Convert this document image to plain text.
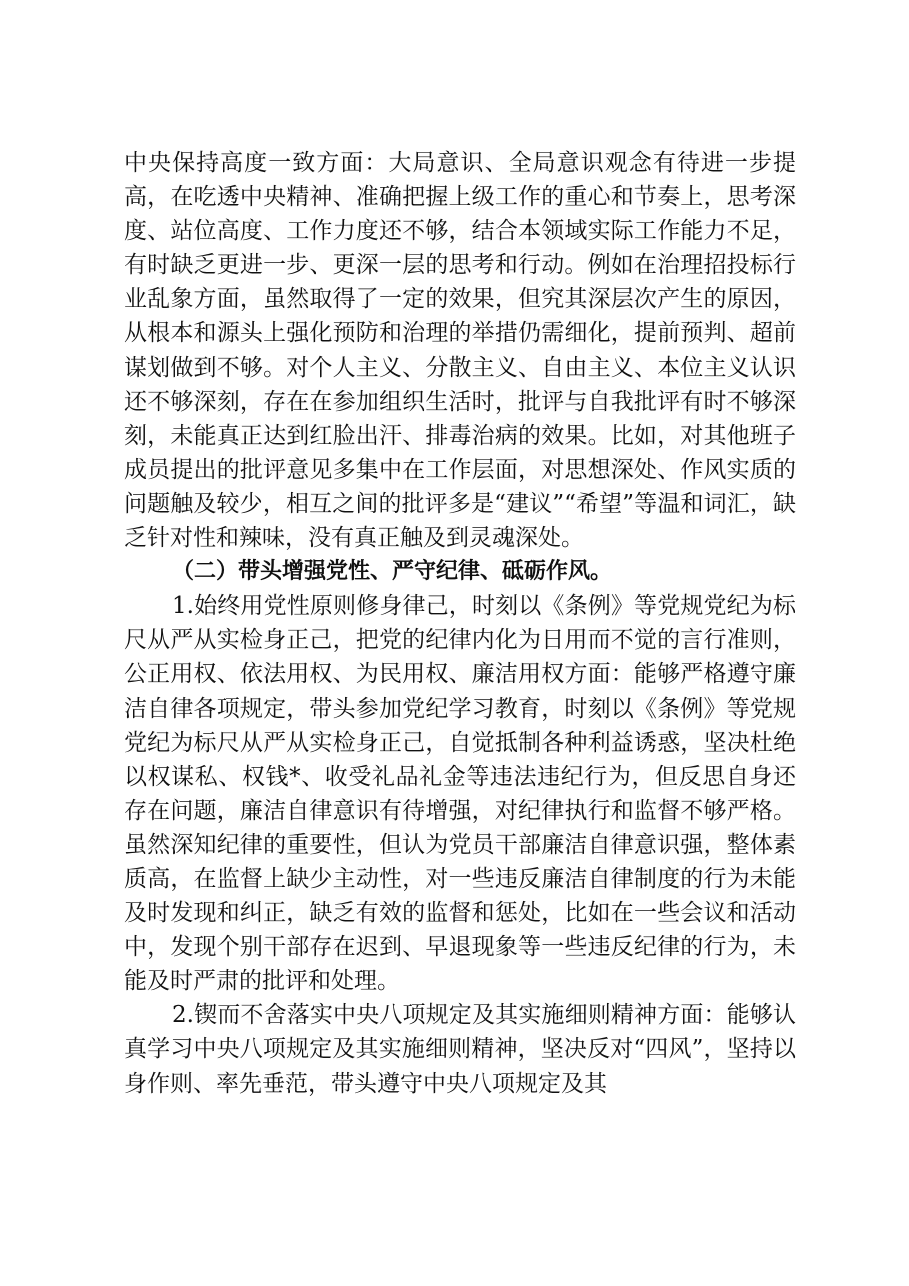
中央保持高度一致方面：大局意识、全局意识观念有待进一步提高，在吃透中央精神、准确把握上级工作的重心和节奏上，思考深度、站位高度、工作力度还不够，结合本领域实际工作能力不足，有时缺乏更进一步、更深一层的思考和行动。例如在治理招投标行业乱象方面，虽然取得了一定的效果，但究其深层次产生的原因，从根本和源头上强化预防和治理的举措仍需细化，提前预判、超前谋划做到不够。对个人主义、分散主义、自由主义、本位主义认识还不够深刻，存在在参加组织生活时，批评与自我批评有时不够深刻，未能真正达到红脸出汗、排毒治病的效果。比如，对其他班子成员提出的批评意见多集中在工作层面，对思想深处、作风实质的问题触及较少，相互之间的批评多是“建议”“希望”等温和词汇，缺乏针对性和辣味，没有真正触及到灵魂深处。

（二）带头增强党性、严守纪律、砥砺作风。

1.始终用党性原则修身律己，时刻以《条例》等党规党纪为标尺从严从实检身正己，把党的纪律内化为日用而不觉的言行准则，公正用权、依法用权、为民用权、廉洁用权方面：能够严格遵守廉洁自律各项规定，带头参加党纪学习教育，时刻以《条例》等党规党纪为标尺从严从实检身正己，自觉抵制各种利益诱惑，坚决杜绝以权谋私、权钱*、收受礼品礼金等违法违纪行为，但反思自身还存在问题，廉洁自律意识有待增强，对纪律执行和监督不够严格。虽然深知纪律的重要性，但认为党员干部廉洁自律意识强，整体素质高，在监督上缺少主动性，对一些违反廉洁自律制度的行为未能及时发现和纠正，缺乏有效的监督和惩处，比如在一些会议和活动中，发现个别干部存在迟到、早退现象等一些违反纪律的行为，未能及时严肃的批评和处理。

2.锲而不舍落实中央八项规定及其实施细则精神方面：能够认真学习中央八项规定及其实施细则精神，坚决反对“四风”，坚持以身作则、率先垂范，带头遵守中央八项规定及其
